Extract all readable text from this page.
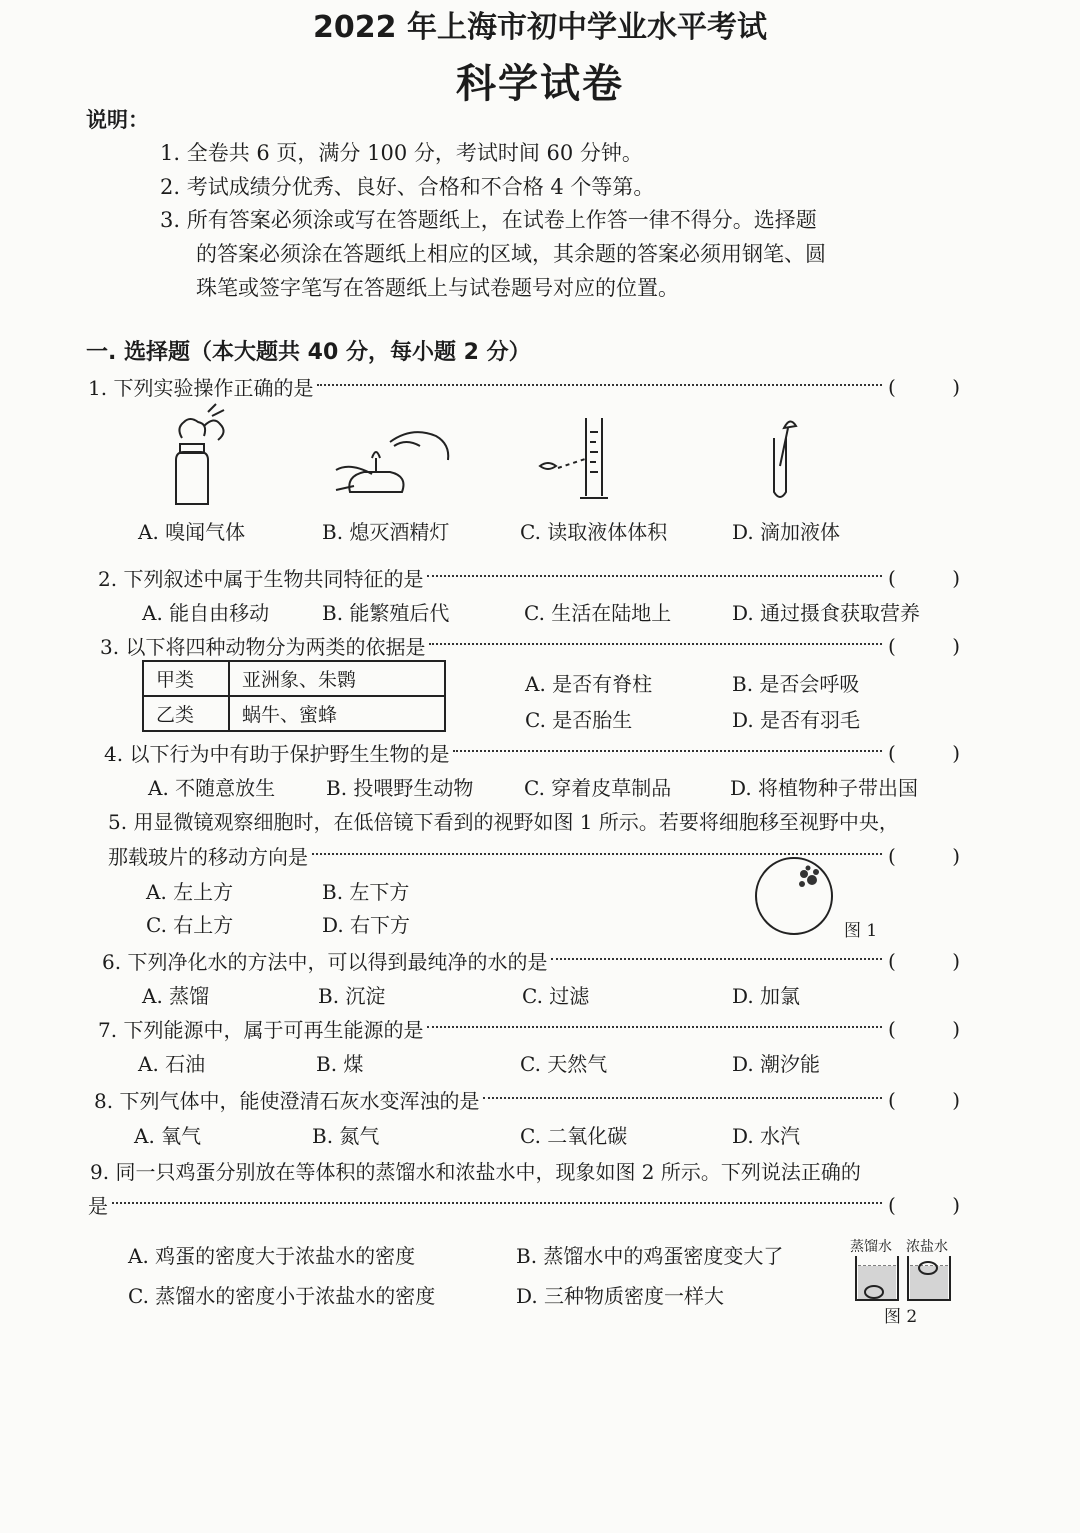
2022 年上海市初中学业水平考试
科学试卷
说明：
1. 全卷共 6 页，满分 100 分，考试时间 60 分钟。
2. 考试成绩分优秀、良好、合格和不合格 4 个等第。
3. 所有答案必须涂或写在答题纸上，在试卷上作答一律不得分。选择题
的答案必须涂在答题纸上相应的区域，其余题的答案必须用钢笔、圆
珠笔或签字笔写在答题纸上与试卷题号对应的位置。
一. 选择题（本大题共 40 分，每小题 2 分）
1. 下列实验操作正确的是	(	)
A. 嗅闻气体	B. 熄灭酒精灯	C. 读取液体体积	D. 滴加液体
2. 下列叙述中属于生物共同特征的是	(	)
A. 能自由移动	B. 能繁殖后代	C. 生活在陆地上	D. 通过摄食获取营养
3. 以下将四种动物分为两类的依据是	(	)
甲类	亚洲象、朱鹮
乙类	蜗牛、蜜蜂
A. 是否有脊柱	B. 是否会呼吸
C. 是否胎生	D. 是否有羽毛
4. 以下行为中有助于保护野生生物的是	(	)
A. 不随意放生	B. 投喂野生动物	C. 穿着皮草制品	D. 将植物种子带出国
5. 用显微镜观察细胞时，在低倍镜下看到的视野如图 1 所示。若要将细胞移至视野中央，
那载玻片的移动方向是	(	)
A. 左上方	B. 左下方
C. 右上方	D. 右下方	图 1
6. 下列净化水的方法中，可以得到最纯净的水的是	(	)
A. 蒸馏	B. 沉淀	C. 过滤	D. 加氯
7. 下列能源中，属于可再生能源的是	(	)
A. 石油	B. 煤	C. 天然气	D. 潮汐能
8. 下列气体中，能使澄清石灰水变浑浊的是	(	)
A. 氧气	B. 氮气	C. 二氧化碳	D. 水汽
9. 同一只鸡蛋分别放在等体积的蒸馏水和浓盐水中，现象如图 2 所示。下列说法正确的
是	(	)
A. 鸡蛋的密度大于浓盐水的密度	B. 蒸馏水中的鸡蛋密度变大了
C. 蒸馏水的密度小于浓盐水的密度	D. 三种物质密度一样大
蒸馏水 浓盐水
图 2
